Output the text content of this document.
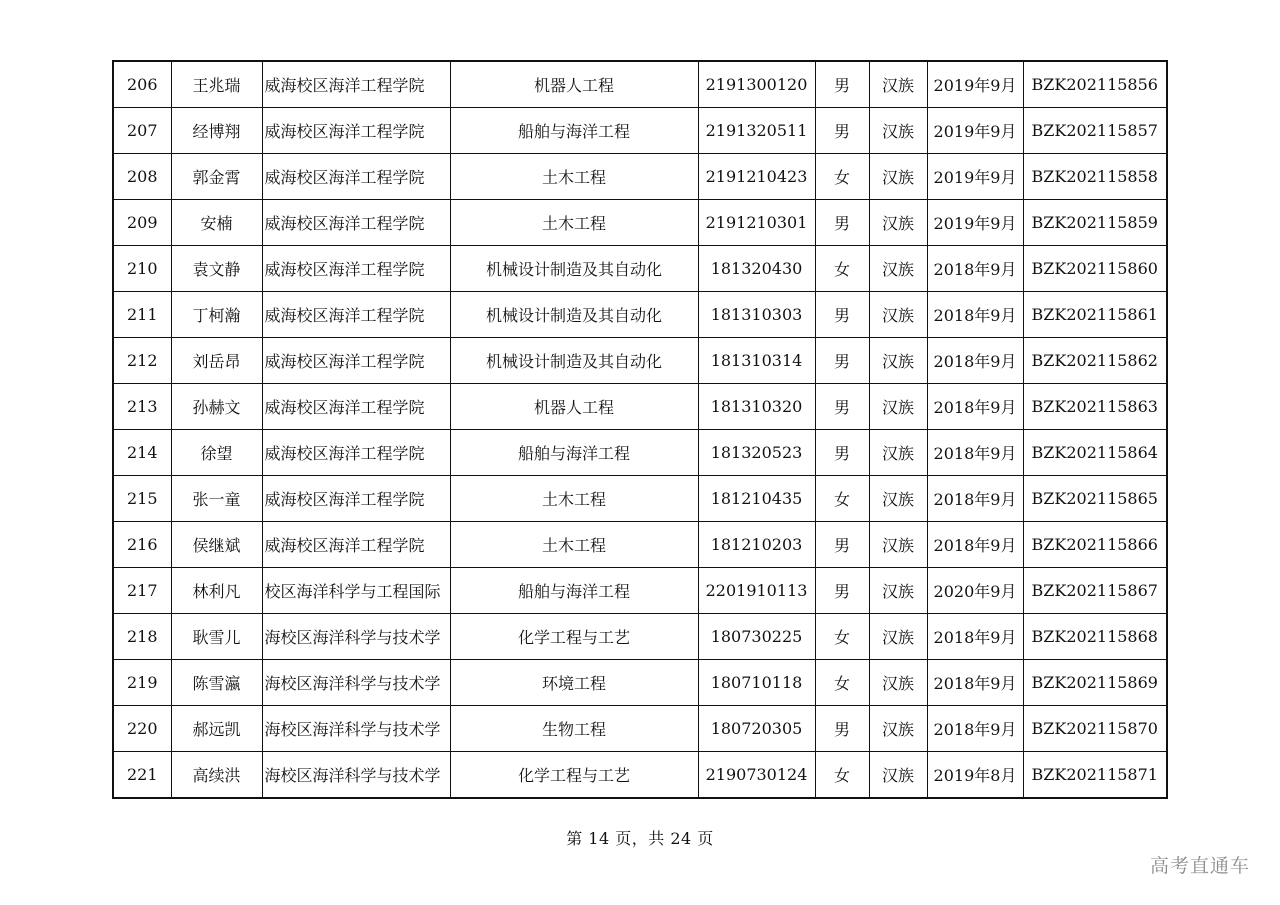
206	王兆瑞	威海校区海洋工程学院	机器人工程	2191300120	男	汉族	2019年9月	BZK202115856
207	经博翔	威海校区海洋工程学院	船舶与海洋工程	2191320511	男	汉族	2019年9月	BZK202115857
208	郭金霄	威海校区海洋工程学院	土木工程	2191210423	女	汉族	2019年9月	BZK202115858
209	安楠	威海校区海洋工程学院	土木工程	2191210301	男	汉族	2019年9月	BZK202115859
210	袁文静	威海校区海洋工程学院	机械设计制造及其自动化	181320430	女	汉族	2018年9月	BZK202115860
211	丁柯瀚	威海校区海洋工程学院	机械设计制造及其自动化	181310303	男	汉族	2018年9月	BZK202115861
212	刘岳昂	威海校区海洋工程学院	机械设计制造及其自动化	181310314	男	汉族	2018年9月	BZK202115862
213	孙赫文	威海校区海洋工程学院	机器人工程	181310320	男	汉族	2018年9月	BZK202115863
214	徐望	威海校区海洋工程学院	船舶与海洋工程	181320523	男	汉族	2018年9月	BZK202115864
215	张一童	威海校区海洋工程学院	土木工程	181210435	女	汉族	2018年9月	BZK202115865
216	侯继斌	威海校区海洋工程学院	土木工程	181210203	男	汉族	2018年9月	BZK202115866
217	林利凡	校区海洋科学与工程国际	船舶与海洋工程	2201910113	男	汉族	2020年9月	BZK202115867
218	耿雪儿	海校区海洋科学与技术学	化学工程与工艺	180730225	女	汉族	2018年9月	BZK202115868
219	陈雪瀛	海校区海洋科学与技术学	环境工程	180710118	女	汉族	2018年9月	BZK202115869
220	郝远凯	海校区海洋科学与技术学	生物工程	180720305	男	汉族	2018年9月	BZK202115870
221	高续洪	海校区海洋科学与技术学	化学工程与工艺	2190730124	女	汉族	2019年8月	BZK202115871
第 14 页，共 24 页
高考直通车
